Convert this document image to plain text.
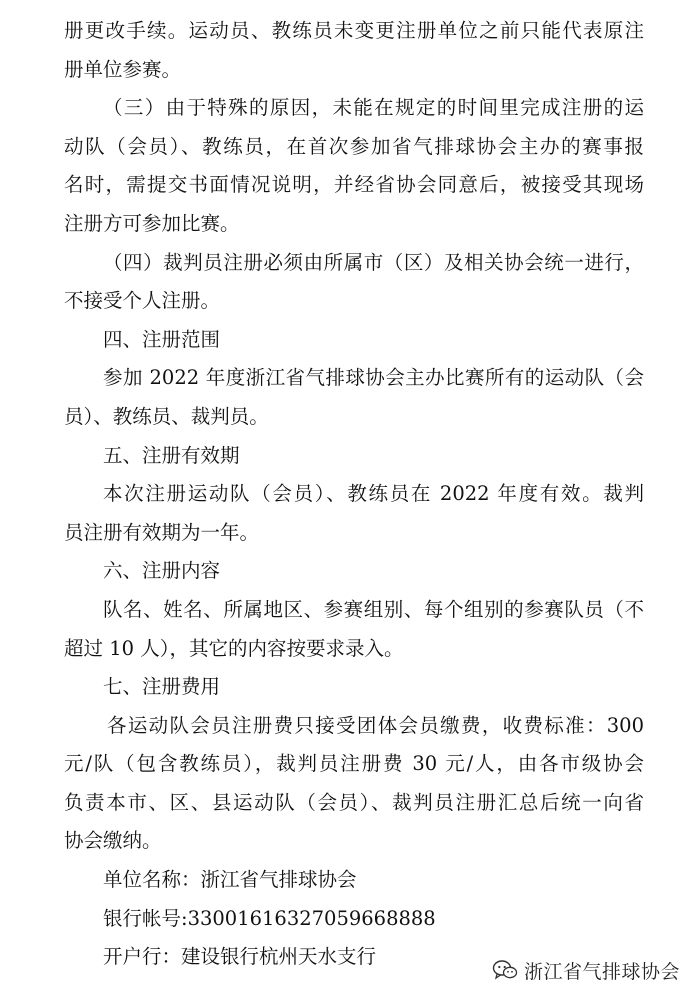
册更改手续。运动员、教练员未变更注册单位之前只能代表原注
册单位参赛。
（三）由于特殊的原因，未能在规定的时间里完成注册的运
动队（会员）、教练员，在首次参加省气排球协会主办的赛事报
名时，需提交书面情况说明，并经省协会同意后，被接受其现场
注册方可参加比赛。
（四）裁判员注册必须由所属市（区）及相关协会统一进行，
不接受个人注册。
四、注册范围
参加 2022 年度浙江省气排球协会主办比赛所有的运动队（会
员）、教练员、裁判员。
五、注册有效期
本次注册运动队（会员）、教练员在 2022 年度有效。裁判
员注册有效期为一年。
六、注册内容
队名、姓名、所属地区、参赛组别、每个组别的参赛队员（不
超过 10 人），其它的内容按要求录入。
七、注册费用
各运动队会员注册费只接受团体会员缴费，收费标准：300
元/队（包含教练员），裁判员注册费 30 元/人，由各市级协会
负责本市、区、县运动队（会员）、裁判员注册汇总后统一向省
协会缴纳。
单位名称：浙江省气排球协会
银行帐号:33001616327059668888
开户行：建设银行杭州天水支行
浙江省气排球协会
